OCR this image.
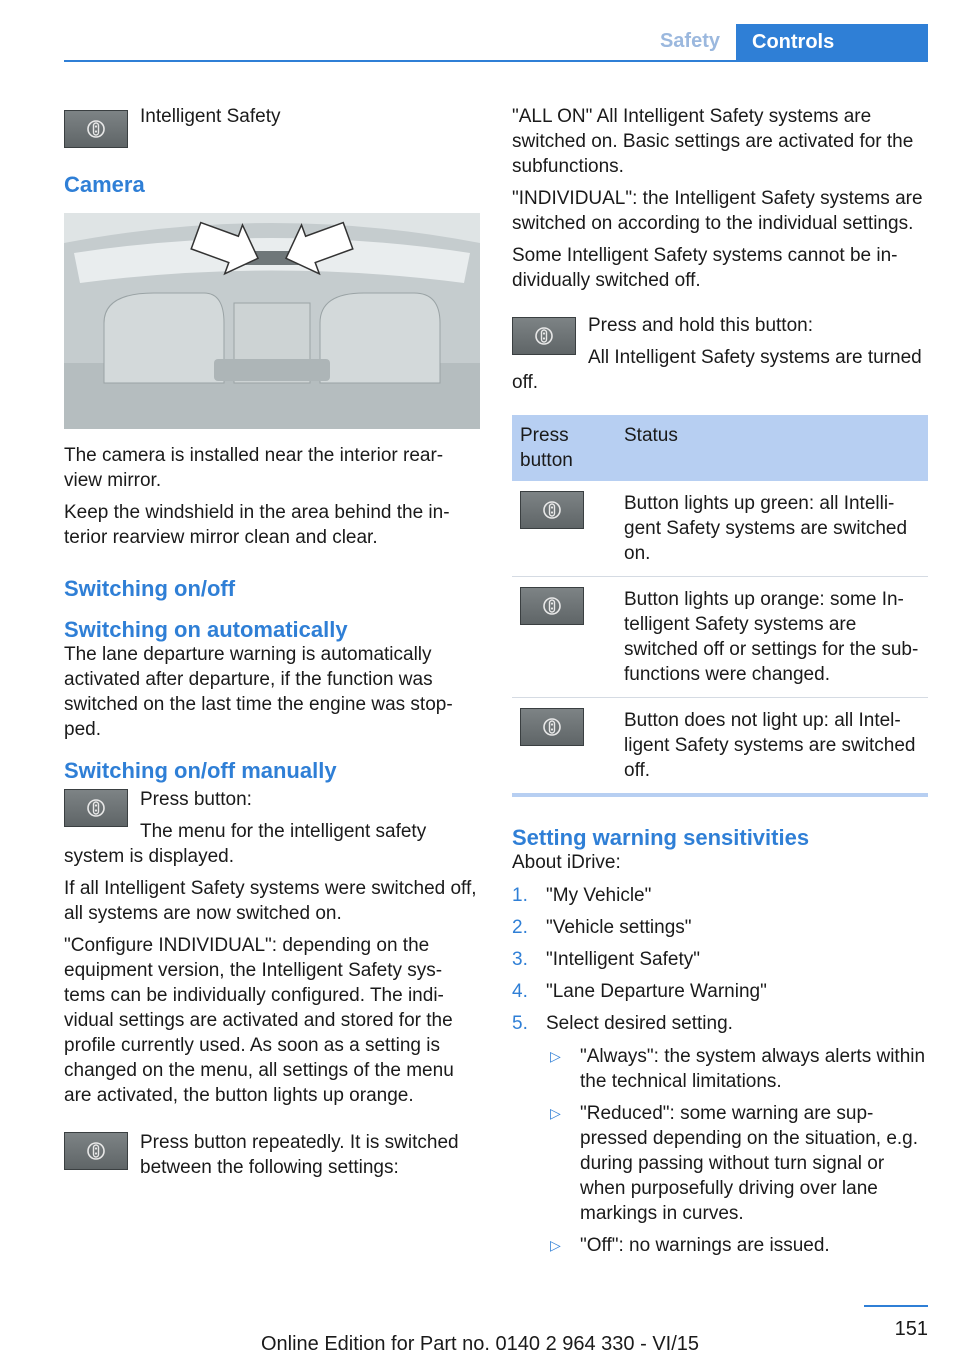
Safety	Controls
Intelligent Safety

Camera

The camera is installed near the interior rear-view mirror.

Keep the windshield in the area behind the in-terior rearview mirror clean and clear.

Switching on/off

Switching on automatically

The lane departure warning is automatically activated after departure, if the function was switched on the last time the engine was stop-ped.

Switching on/off manually

Press button:

The menu for the intelligent safety system is displayed.

If all Intelligent Safety systems were switched off, all systems are now switched on.

"Configure INDIVIDUAL": depending on the equipment version, the Intelligent Safety sys-tems can be individually configured. The indi-vidual settings are activated and stored for the profile currently used. As soon as a setting is changed on the menu, all settings of the menu are activated, the button lights up orange.

Press button repeatedly. It is switched between the following settings:

"ALL ON" All Intelligent Safety systems are switched on. Basic settings are activated for the subfunctions.

"INDIVIDUAL": the Intelligent Safety systems are switched on according to the individual settings.

Some Intelligent Safety systems cannot be in-dividually switched off.

Press and hold this button:

All Intelligent Safety systems are turned off.

Press button	Status

	Button lights up green: all Intelli-gent Safety systems are switched on.

	Button lights up orange: some In-telligent Safety systems are switched off or settings for the sub-functions were changed.

	Button does not light up: all Intel-ligent Safety systems are switched off.

Setting warning sensitivities

About iDrive:

1. "My Vehicle"
2. "Vehicle settings"
3. "Intelligent Safety"
4. "Lane Departure Warning"
5. Select desired setting.
▷ "Always": the system always alerts within the technical limitations.
▷ "Reduced": some warning are sup-pressed depending on the situation, e.g. during passing without turn signal or when purposefully driving over lane markings in curves.
▷ "Off": no warnings are issued.
151
Online Edition for Part no. 0140 2 964 330 - VI/15
